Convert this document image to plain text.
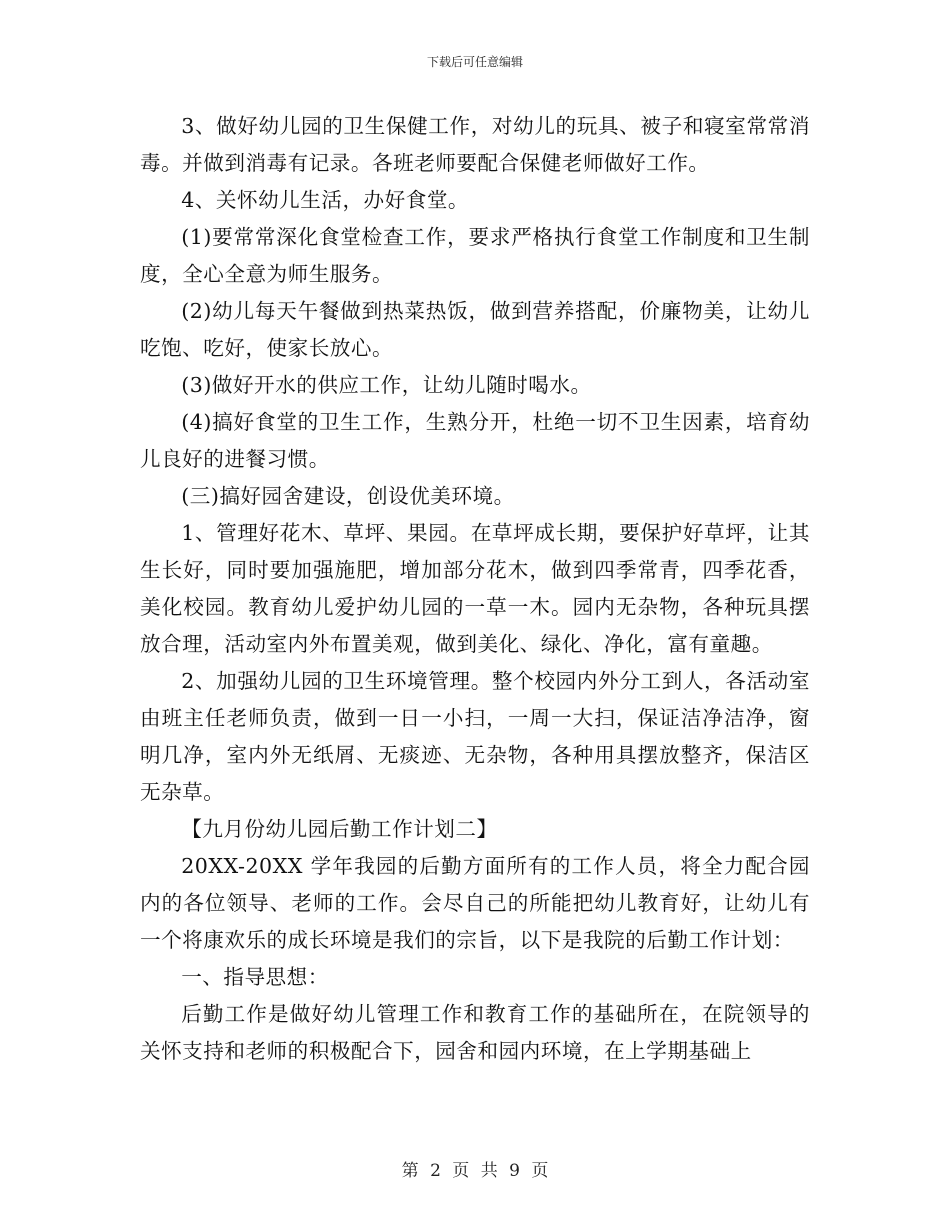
下载后可任意编辑

3、做好幼儿园的卫生保健工作，对幼儿的玩具、被子和寝室常常消毒。并做到消毒有记录。各班老师要配合保健老师做好工作。

4、关怀幼儿生活，办好食堂。

(1)要常常深化食堂检查工作，要求严格执行食堂工作制度和卫生制度，全心全意为师生服务。

(2)幼儿每天午餐做到热菜热饭，做到营养搭配，价廉物美，让幼儿吃饱、吃好，使家长放心。

(3)做好开水的供应工作，让幼儿随时喝水。

(4)搞好食堂的卫生工作，生熟分开，杜绝一切不卫生因素，培育幼儿良好的进餐习惯。

(三)搞好园舍建设，创设优美环境。

1、管理好花木、草坪、果园。在草坪成长期，要保护好草坪，让其生长好，同时要加强施肥，增加部分花木，做到四季常青，四季花香，美化校园。教育幼儿爱护幼儿园的一草一木。园内无杂物，各种玩具摆放合理，活动室内外布置美观，做到美化、绿化、净化，富有童趣。

2、加强幼儿园的卫生环境管理。整个校园内外分工到人，各活动室由班主任老师负责，做到一日一小扫，一周一大扫，保证洁净洁净，窗明几净，室内外无纸屑、无痰迹、无杂物，各种用具摆放整齐，保洁区无杂草。

【九月份幼儿园后勤工作计划二】

20XX-20XX 学年我园的后勤方面所有的工作人员，将全力配合园内的各位领导、老师的工作。会尽自己的所能把幼儿教育好，让幼儿有一个将康欢乐的成长环境是我们的宗旨，以下是我院的后勤工作计划：

一、指导思想：

后勤工作是做好幼儿管理工作和教育工作的基础所在，在院领导的关怀支持和老师的积极配合下，园舍和园内环境，在上学期基础上

第 2 页 共 9 页
